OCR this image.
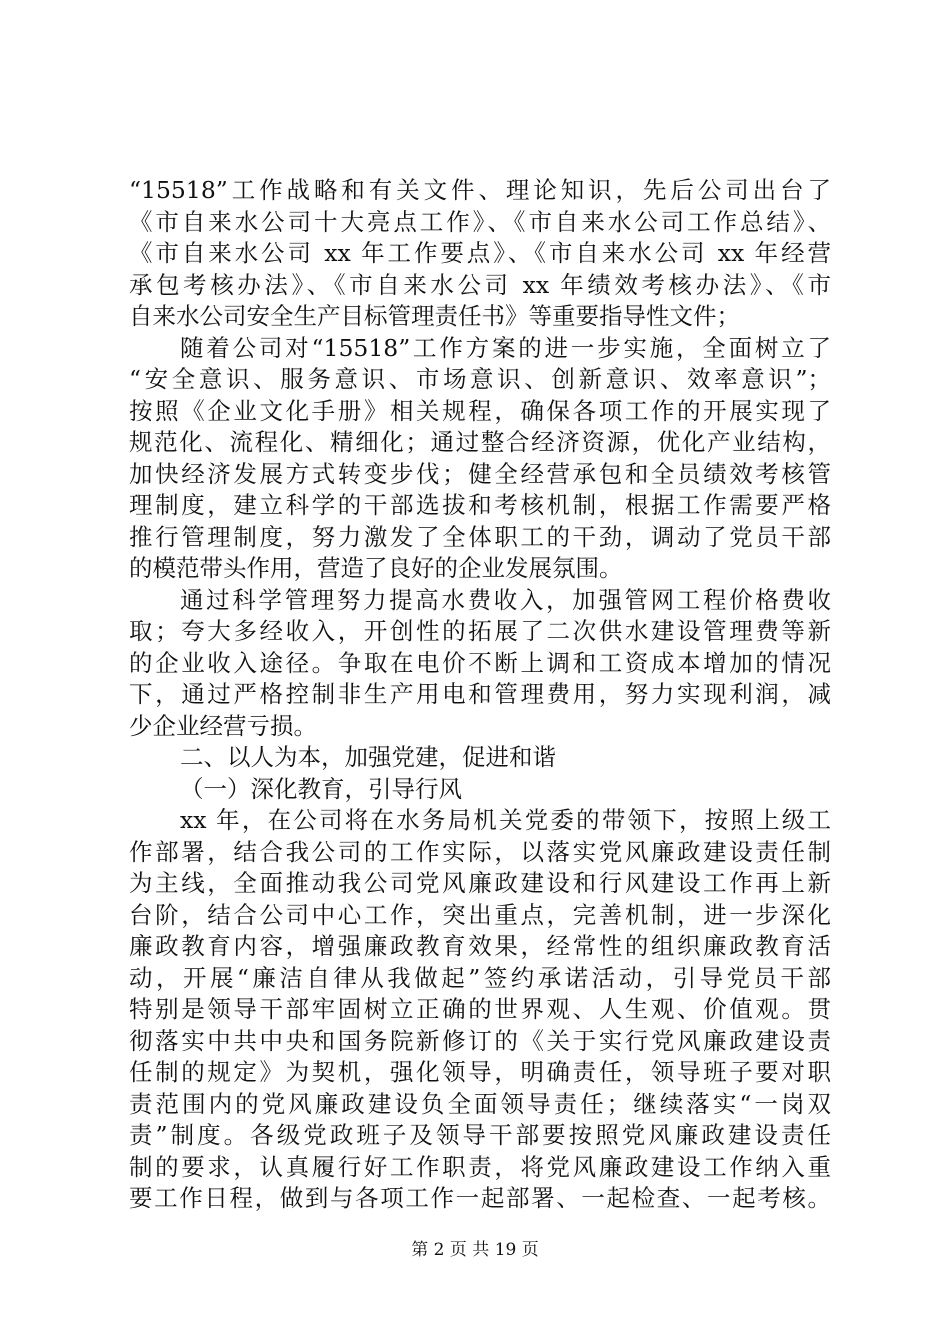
“15518”工作战略和有关文件、理论知识，先后公司出台了
《市自来水公司十大亮点工作》、《市自来水公司工作总结》、
《市自来水公司 xx 年工作要点》、《市自来水公司 xx 年经营
承包考核办法》、《市自来水公司 xx 年绩效考核办法》、《市
自来水公司安全生产目标管理责任书》等重要指导性文件；
随着公司对“15518”工作方案的进一步实施，全面树立了
“安全意识、服务意识、市场意识、创新意识、效率意识”；
按照《企业文化手册》相关规程，确保各项工作的开展实现了
规范化、流程化、精细化；通过整合经济资源，优化产业结构，
加快经济发展方式转变步伐；健全经营承包和全员绩效考核管
理制度，建立科学的干部选拔和考核机制，根据工作需要严格
推行管理制度，努力激发了全体职工的干劲，调动了党员干部
的模范带头作用，营造了良好的企业发展氛围。
通过科学管理努力提高水费收入，加强管网工程价格费收
取；夸大多经收入，开创性的拓展了二次供水建设管理费等新
的企业收入途径。争取在电价不断上调和工资成本增加的情况
下，通过严格控制非生产用电和管理费用，努力实现利润，减
少企业经营亏损。
二、以人为本，加强党建，促进和谐
（一）深化教育，引导行风
xx 年，在公司将在水务局机关党委的带领下，按照上级工
作部署，结合我公司的工作实际，以落实党风廉政建设责任制
为主线，全面推动我公司党风廉政建设和行风建设工作再上新
台阶，结合公司中心工作，突出重点，完善机制，进一步深化
廉政教育内容，增强廉政教育效果，经常性的组织廉政教育活
动，开展“廉洁自律从我做起”签约承诺活动，引导党员干部
特别是领导干部牢固树立正确的世界观、人生观、价值观。贯
彻落实中共中央和国务院新修订的《关于实行党风廉政建设责
任制的规定》为契机，强化领导，明确责任，领导班子要对职
责范围内的党风廉政建设负全面领导责任；继续落实“一岗双
责”制度。各级党政班子及领导干部要按照党风廉政建设责任
制的要求，认真履行好工作职责，将党风廉政建设工作纳入重
第 2 页 共 19 页
要工作日程，做到与各项工作一起部署、一起检查、一起考核。
